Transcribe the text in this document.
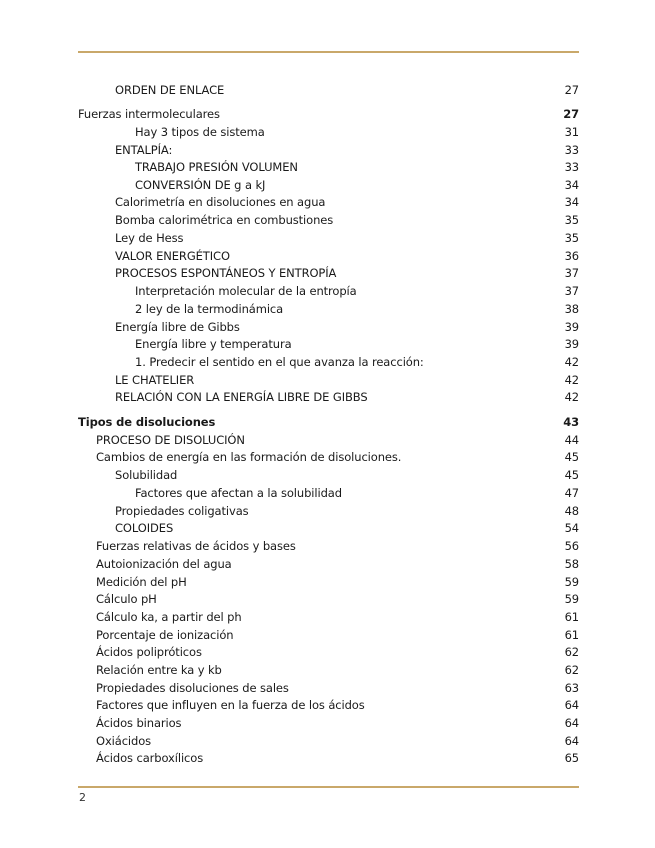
ORDEN DE ENLACE	27
Fuerzas intermoleculares	27
Hay 3 tipos de sistema	31
ENTALPÍA:	33
TRABAJO PRESIÓN VOLUMEN	33
CONVERSIÓN DE g a kJ	34
Calorimetría en disoluciones en agua	34
Bomba calorimétrica en combustiones	35
Ley de Hess	35
VALOR ENERGÉTICO	36
PROCESOS ESPONTÁNEOS Y ENTROPÍA	37
Interpretación molecular de la entropía	37
2 ley de la termodinámica	38
Energía libre de Gibbs	39
Energía libre y temperatura	39
1. Predecir el sentido en el que avanza la reacción:	42
LE CHATELIER	42
RELACIÓN CON LA ENERGÍA LIBRE DE GIBBS	42
Tipos de disoluciones	43
PROCESO DE DISOLUCIÓN	44
Cambios de energía en las formación de disoluciones.	45
Solubilidad	45
Factores que afectan a la solubilidad	47
Propiedades coligativas	48
COLOIDES	54
Fuerzas relativas de ácidos y bases	56
Autoionización del agua	58
Medición del pH	59
Cálculo pH	59
Cálculo ka, a partir del ph	61
Porcentaje de ionización	61
Ácidos polipróticos	62
Relación entre ka y kb	62
Propiedades disoluciones de sales	63
Factores que influyen en la fuerza de los ácidos	64
Ácidos binarios	64
Oxiácidos	64
Ácidos carboxílicos	65
2
